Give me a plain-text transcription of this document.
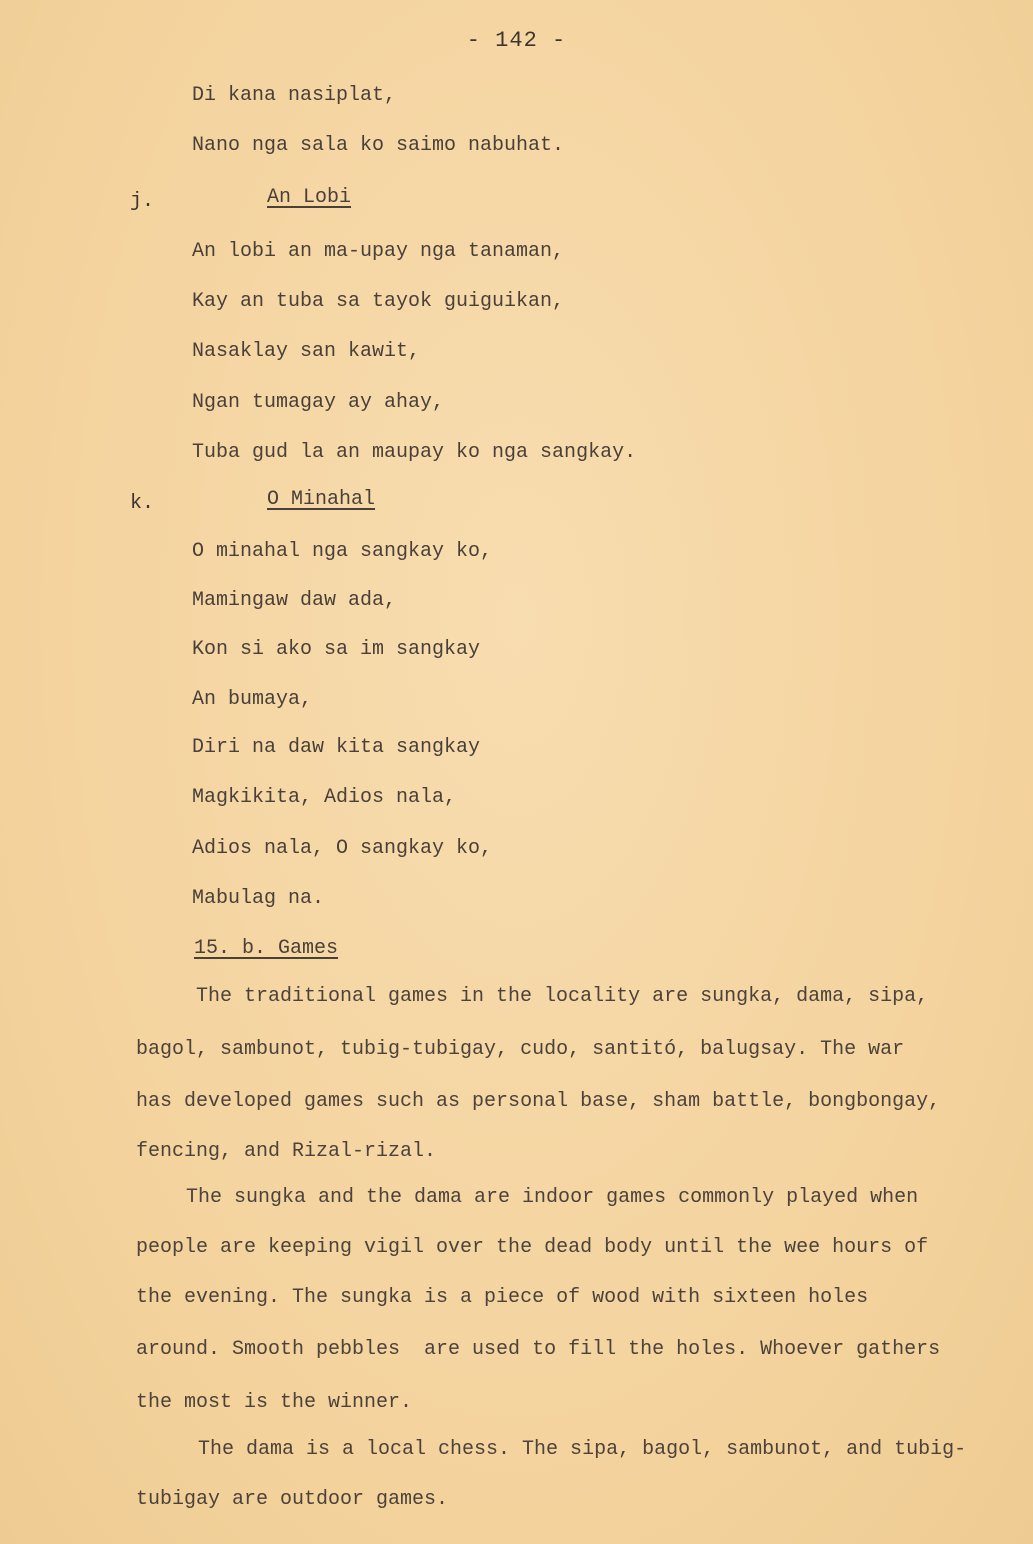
- 142 -
Di kana nasiplat,
Nano nga sala ko saimo nabuhat.
j.	An Lobi
An lobi an ma-upay nga tanaman,
Kay an tuba sa tayok guiguikan,
Nasaklay san kawit,
Ngan tumagay ay ahay,
Tuba gud la an maupay ko nga sangkay.
k.	O Minahal
O minahal nga sangkay ko,
Mamingaw daw ada,
Kon si ako sa im sangkay
An bumaya,
Diri na daw kita sangkay
Magkikita, Adios nala,
Adios nala, O sangkay ko,
Mabulag na.
15. b. Games
The traditional games in the locality are sungka, dama, sipa,
bagol, sambunot, tubig-tubigay, cudo, santitó, balugsay. The war
has developed games such as personal base, sham battle, bongbongay,
fencing, and Rizal-rizal.
The sungka and the dama are indoor games commonly played when
people are keeping vigil over the dead body until the wee hours of
the evening. The sungka is a piece of wood with sixteen holes
around. Smooth pebbles  are used to fill the holes. Whoever gathers
the most is the winner.
The dama is a local chess. The sipa, bagol, sambunot, and tubig-
tubigay are outdoor games.
